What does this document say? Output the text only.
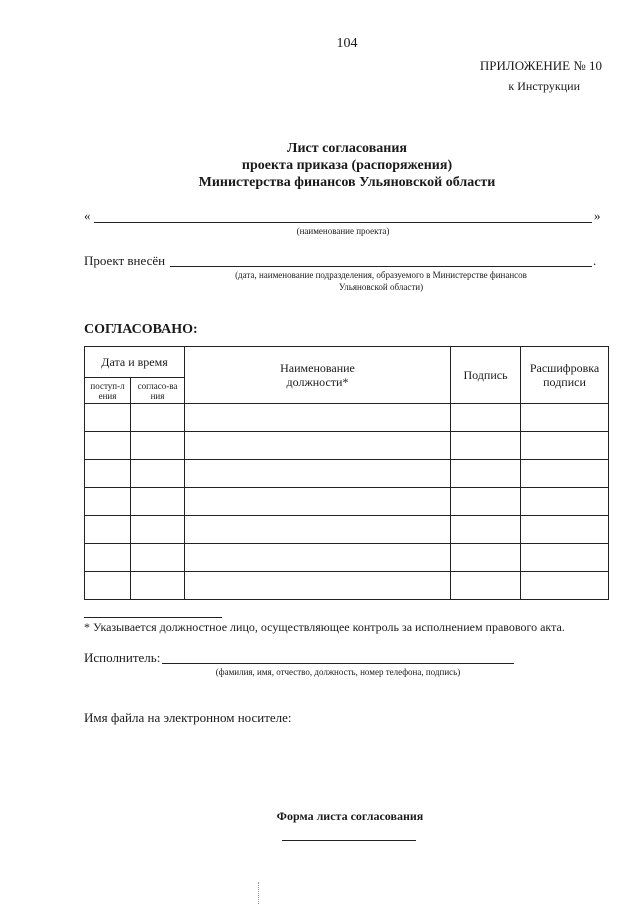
104
ПРИЛОЖЕНИЕ № 10
к Инструкции
Лист согласования
проекта приказа (распоряжения)
Министерства финансов Ульяновской области
«	»
(наименование проекта)
Проект внесён	.
(дата, наименование подразделения, образуемого в Министерстве финансов
Ульяновской области)
СОГЛАСОВАНО:
Дата и время		Наименование должности*	Подпись	Расшифровка подписи
поступ-ления	согласо-вания			

* Указывается должностное лицо, осуществляющее контроль за исполнением правового акта.
Исполнитель:
(фамилия, имя, отчество, должность, номер телефона, подпись)
Имя файла на электронном носителе:
Форма листа согласования
